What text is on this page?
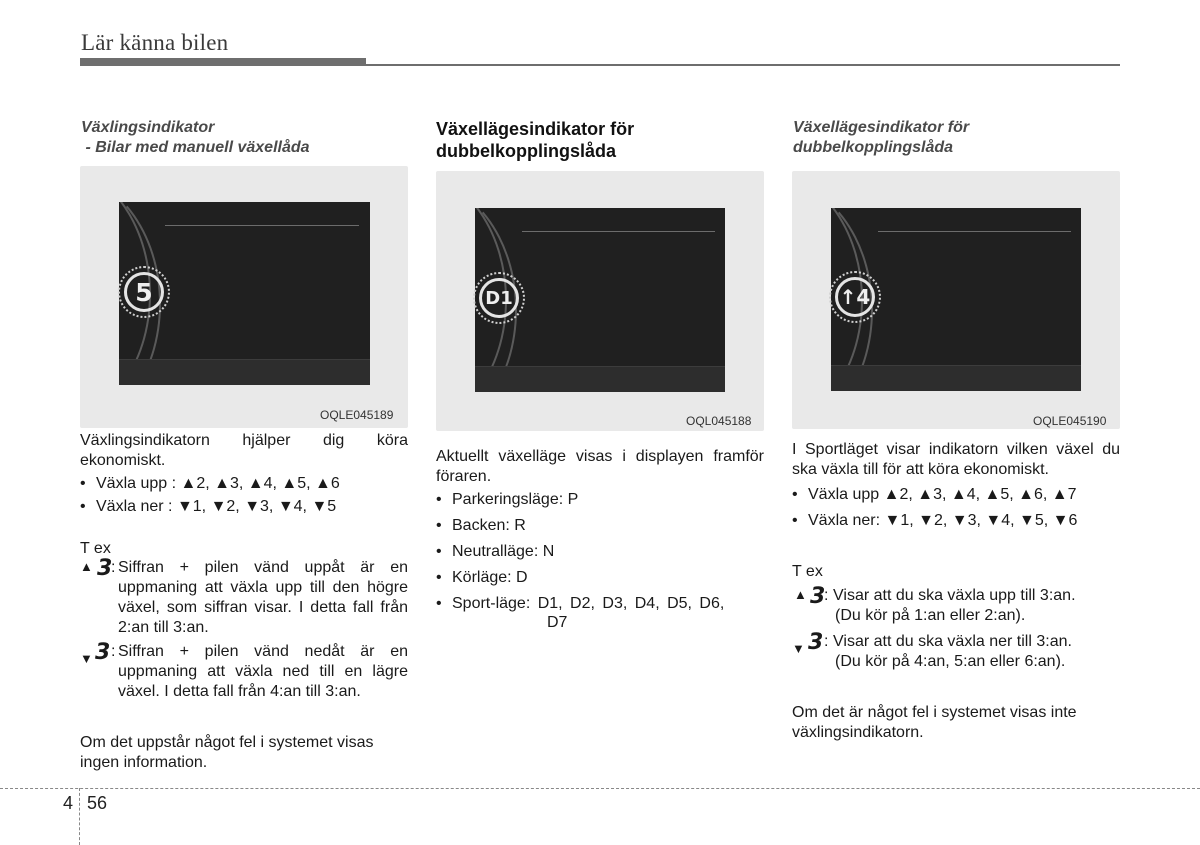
Lär känna bilen
Växlingsindikator
- Bilar med manuell växellåda
5
OQLE045189
Växlingsindikatorn hjälper dig köra ekonomiskt.
• Växla upp : ▲2, ▲3, ▲4, ▲5, ▲6
• Växla ner : ▼1, ▼2, ▼3, ▼4, ▼5
T ex
▲ 3
: Siffran + pilen vänd uppåt är en uppmaning att växla upp till den högre växel, som siffran visar. I detta fall från 2:an till 3:an.
▼ 3 : Siffran + pilen vänd nedåt är en uppmaning att växla ned till en lägre växel. I detta fall från 4:an till 3:an.
Om det uppstår något fel i systemet visas ingen information.
Växellägesindikator för
dubbelkopplingslåda
D1
OQL045188
Aktuellt växelläge visas i displayen framför föraren.
• Parkeringsläge: P
• Backen: R
• Neutralläge: N
• Körläge: D
• Sport-läge: D1, D2, D3, D4, D5, D6,
D7
Växellägesindikator för
dubbelkopplingslåda
↑4
OQLE045190
I Sportläget visar indikatorn vilken växel du ska växla till för att köra ekonomiskt.
• Växla upp ▲2, ▲3, ▲4, ▲5, ▲6, ▲7
• Växla ner: ▼1, ▼2, ▼3, ▼4, ▼5, ▼6
T ex
▲ 3
: Visar att du ska växla upp till 3:an.
(Du kör på 1:an eller 2:an).
▼ 3 : Visar att du ska växla ner till 3:an.
(Du kör på 4:an, 5:an eller 6:an).
Om det är något fel i systemet visas inte växlingsindikatorn.
4 56
